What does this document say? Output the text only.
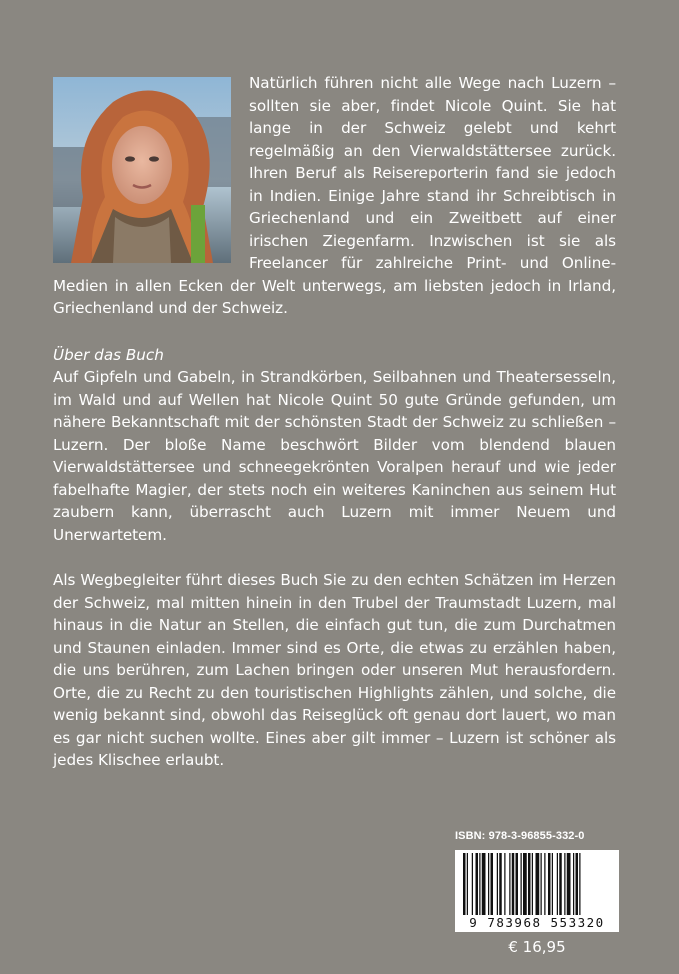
Natürlich führen nicht alle Wege nach Luzern – sollten sie aber, findet Nicole Quint. Sie hat lange in der Schweiz gelebt und kehrt regelmäßig an den Vierwaldstättersee zurück. Ihren Beruf als Reisereporterin fand sie jedoch in Indien. Einige Jahre stand ihr Schreibtisch in Griechenland und ein Zweitbett auf einer irischen Ziegenfarm. Inzwischen ist sie als Freelancer für zahlreiche Print- und Online-Medien in allen Ecken der Welt unterwegs, am liebsten jedoch in Irland, Griechenland und der Schweiz.

Über das Buch

Auf Gipfeln und Gabeln, in Strandkörben, Seilbahnen und Theatersesseln, im Wald und auf Wellen hat Nicole Quint 50 gute Gründe gefunden, um nähere Bekanntschaft mit der schönsten Stadt der Schweiz zu schließen – Luzern. Der bloße Name beschwört Bilder vom blendend blauen Vierwaldstättersee und schneegekrönten Voralpen herauf und wie jeder fabelhafte Magier, der stets noch ein weiteres Kaninchen aus seinem Hut zaubern kann, überrascht auch Luzern mit immer Neuem und Unerwartetem.

Als Wegbegleiter führt dieses Buch Sie zu den echten Schätzen im Herzen der Schweiz, mal mitten hinein in den Trubel der Traumstadt Luzern, mal hinaus in die Natur an Stellen, die einfach gut tun, die zum Durchatmen und Staunen einladen. Immer sind es Orte, die etwas zu erzählen haben, die uns berühren, zum Lachen bringen oder unseren Mut herausfordern. Orte, die zu Recht zu den touristischen Highlights zählen, und solche, die wenig bekannt sind, obwohl das Reiseglück oft genau dort lauert, wo man es gar nicht suchen wollte. Eines aber gilt immer – Luzern ist schöner als jedes Klischee erlaubt.

ISBN: 978-3-96855-332-0
9 783968 553320
€ 16,95
